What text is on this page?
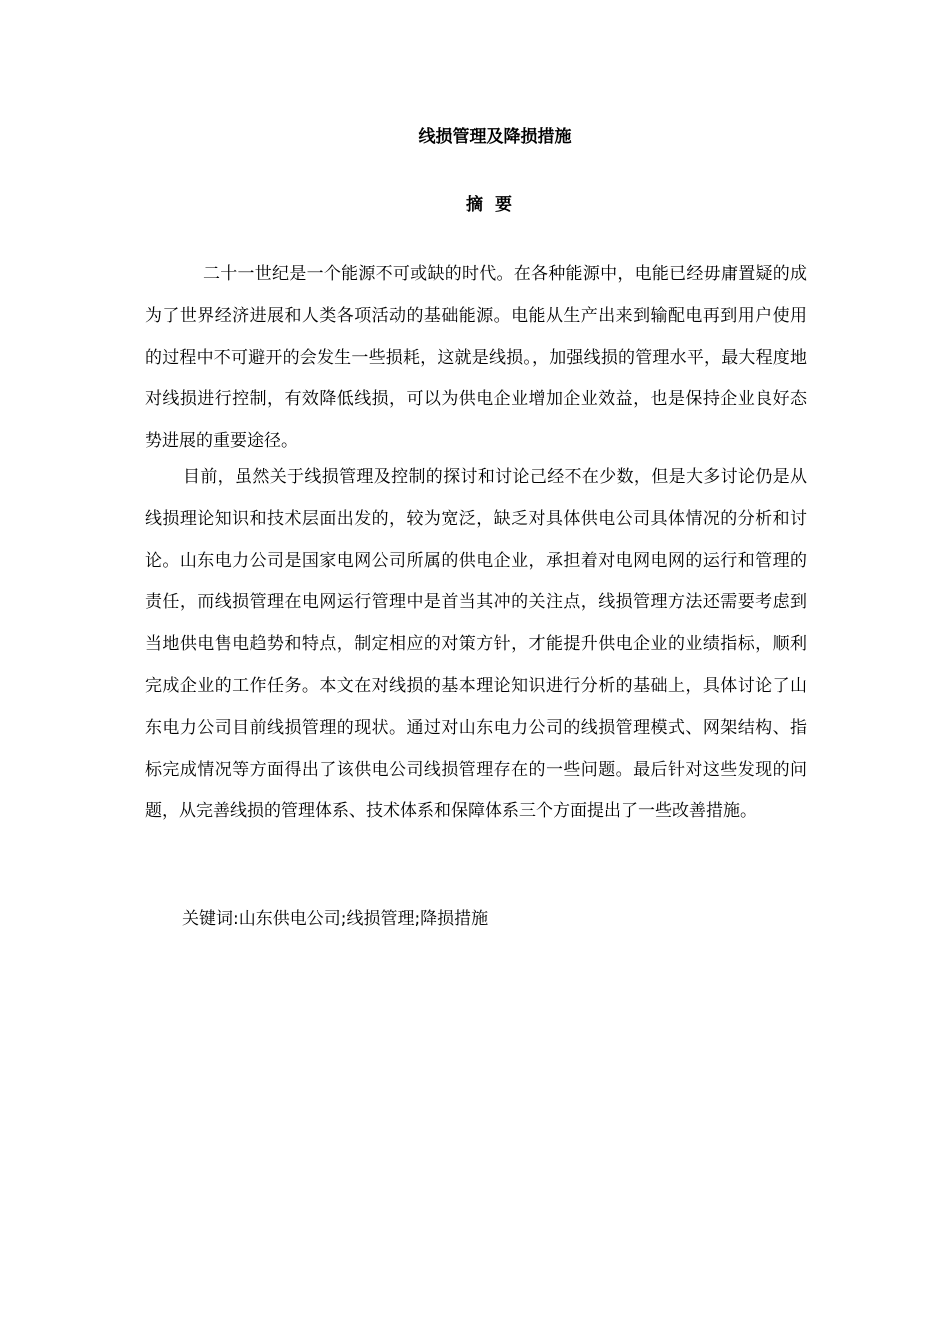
线损管理及降损措施
摘要

二十一世纪是一个能源不可或缺的时代。在各种能源中，电能已经毋庸置疑的成为了世界经济进展和人类各项活动的基础能源。电能从生产出来到输配电再到用户使用的过程中不可避开的会发生一些损耗，这就是线损。，加强线损的管理水平，最大程度地对线损进行控制，有效降低线损，可以为供电企业增加企业效益，也是保持企业良好态势进展的重要途径。

目前，虽然关于线损管理及控制的探讨和讨论己经不在少数，但是大多讨论仍是从线损理论知识和技术层面出发的，较为宽泛，缺乏对具体供电公司具体情况的分析和讨论。山东电力公司是国家电网公司所属的供电企业，承担着对电网电网的运行和管理的责任，而线损管理在电网运行管理中是首当其冲的关注点，线损管理方法还需要考虑到当地供电售电趋势和特点，制定相应的对策方针，才能提升供电企业的业绩指标，顺利完成企业的工作任务。本文在对线损的基本理论知识进行分析的基础上，具体讨论了山东电力公司目前线损管理的现状。通过对山东电力公司的线损管理模式、网架结构、指标完成情况等方面得出了该供电公司线损管理存在的一些问题。最后针对这些发现的问题，从完善线损的管理体系、技术体系和保障体系三个方面提出了一些改善措施。

关键词:山东供电公司;线损管理;降损措施
